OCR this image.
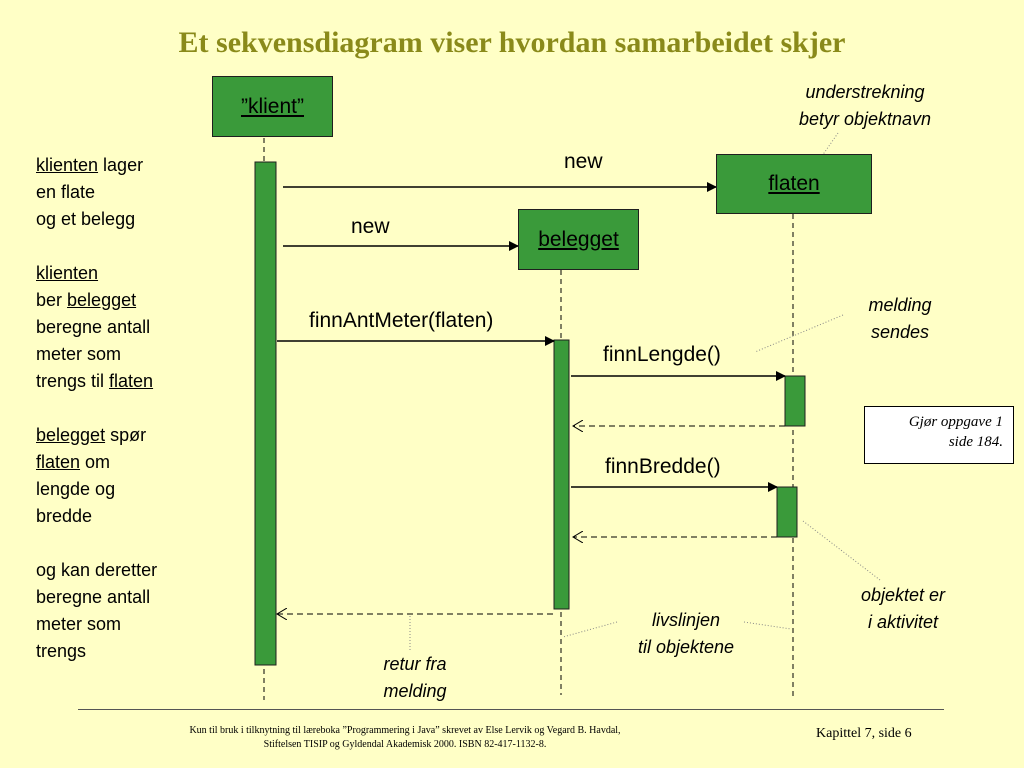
Et sekvensdiagram viser hvordan samarbeidet skjer
”klient”
flaten
belegget
new
new
finnAntMeter(flaten)
finnLengde()
finnBredde()
understrekning
betyr objektnavn
melding
sendes
objektet er
i aktivitet
livslinjen
til objektene
retur fra
melding
klienten lager
en flate
og et belegg
klienten
ber belegget
beregne antall
meter som
trengs til flaten
belegget spør
flaten om
lengde og
bredde
og kan deretter
beregne antall
meter som
trengs
Gjør oppgave 1
side 184.
Kun til bruk i tilknytning til læreboka ”Programmering i Java” skrevet av Else Lervik og Vegard B. Havdal,
Stiftelsen TISIP og Gyldendal Akademisk 2000. ISBN 82-417-1132-8.
Kapittel 7, side 6
